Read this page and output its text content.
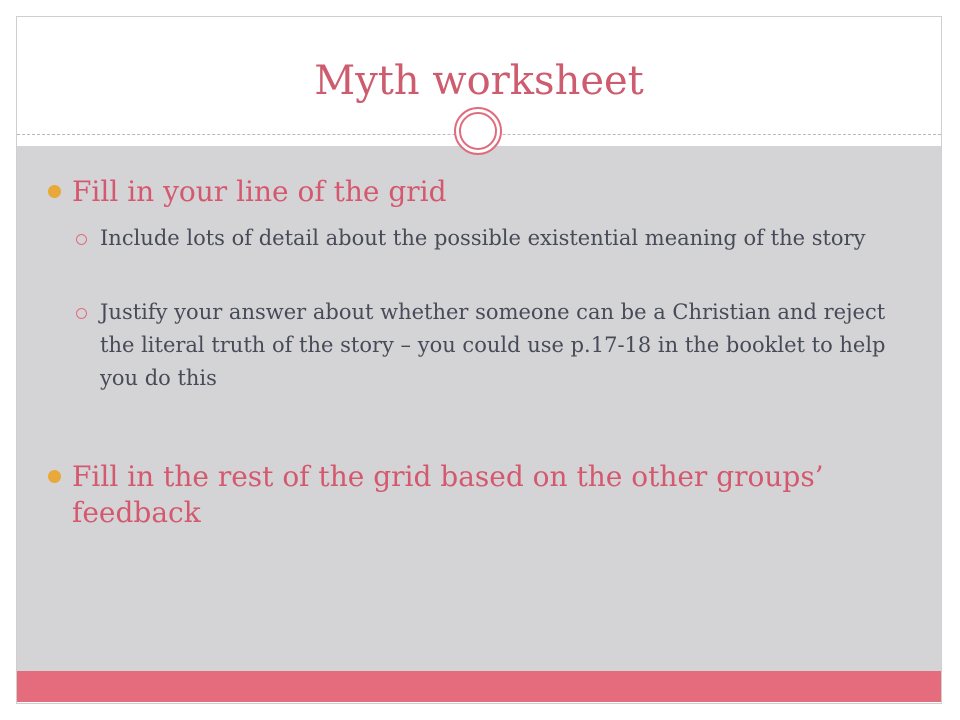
Myth worksheet
Fill in your line of the grid
Include lots of detail about the possible existential meaning of the story
Justify your answer about whether someone can be a Christian and reject the literal truth of the story – you could use p.17-18 in the booklet to help you do this
Fill in the rest of the grid based on the other groups’ feedback
